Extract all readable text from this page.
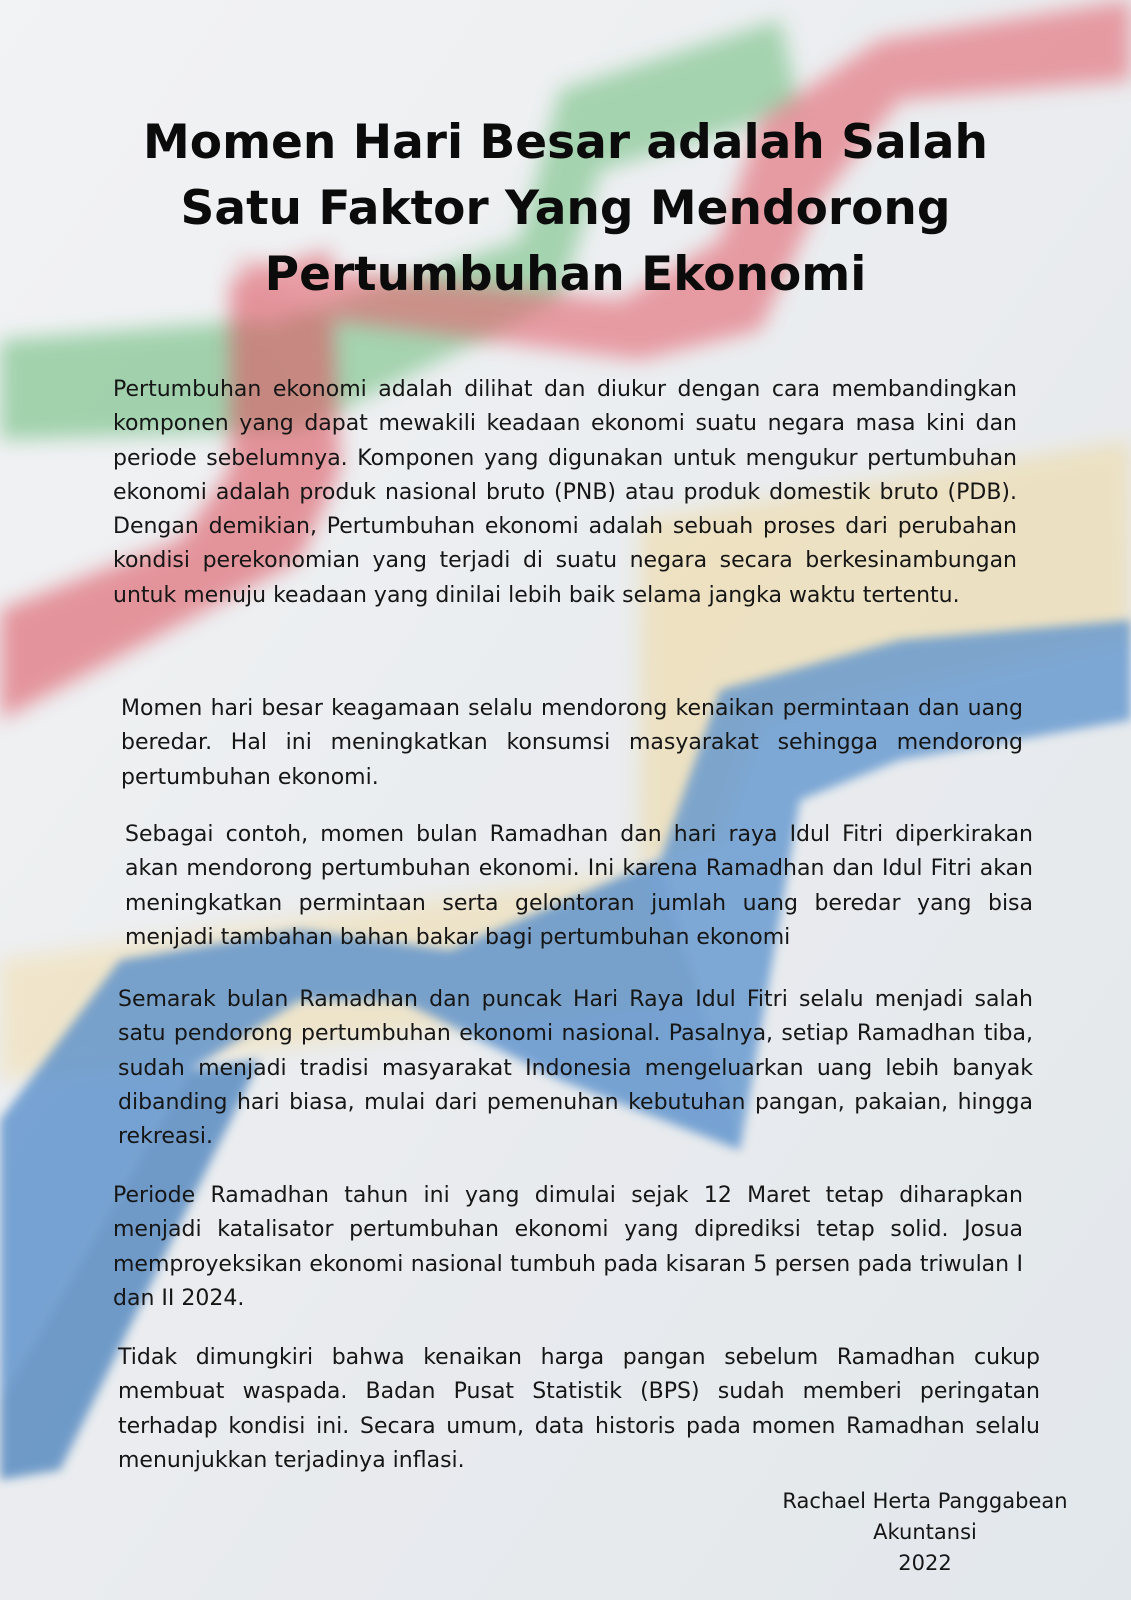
Momen Hari Besar adalah Salah Satu Faktor Yang Mendorong Pertumbuhan Ekonomi

Pertumbuhan ekonomi adalah dilihat dan diukur dengan cara membandingkan komponen yang dapat mewakili keadaan ekonomi suatu negara masa kini dan periode sebelumnya. Komponen yang digunakan untuk mengukur pertumbuhan ekonomi adalah produk nasional bruto (PNB) atau produk domestik bruto (PDB). Dengan demikian, Pertumbuhan ekonomi adalah sebuah proses dari perubahan kondisi perekonomian yang terjadi di suatu negara secara berkesinambungan untuk menuju keadaan yang dinilai lebih baik selama jangka waktu tertentu.

Momen hari besar keagamaan selalu mendorong kenaikan permintaan dan uang beredar. Hal ini meningkatkan konsumsi masyarakat sehingga mendorong pertumbuhan ekonomi.

Sebagai contoh, momen bulan Ramadhan dan hari raya Idul Fitri diperkirakan akan mendorong pertumbuhan ekonomi. Ini karena Ramadhan dan Idul Fitri akan meningkatkan permintaan serta gelontoran jumlah uang beredar yang bisa menjadi tambahan bahan bakar bagi pertumbuhan ekonomi

Semarak bulan Ramadhan dan puncak Hari Raya Idul Fitri selalu menjadi salah satu pendorong pertumbuhan ekonomi nasional. Pasalnya, setiap Ramadhan tiba, sudah menjadi tradisi masyarakat Indonesia mengeluarkan uang lebih banyak dibanding hari biasa, mulai dari pemenuhan kebutuhan pangan, pakaian, hingga rekreasi.

Periode Ramadhan tahun ini yang dimulai sejak 12 Maret tetap diharapkan menjadi katalisator pertumbuhan ekonomi yang diprediksi tetap solid. Josua memproyeksikan ekonomi nasional tumbuh pada kisaran 5 persen pada triwulan I dan II 2024.

Tidak dimungkiri bahwa kenaikan harga pangan sebelum Ramadhan cukup membuat waspada. Badan Pusat Statistik (BPS) sudah memberi peringatan terhadap kondisi ini. Secara umum, data historis pada momen Ramadhan selalu menunjukkan terjadinya inflasi.

Rachael Herta Panggabean
Akuntansi
2022
